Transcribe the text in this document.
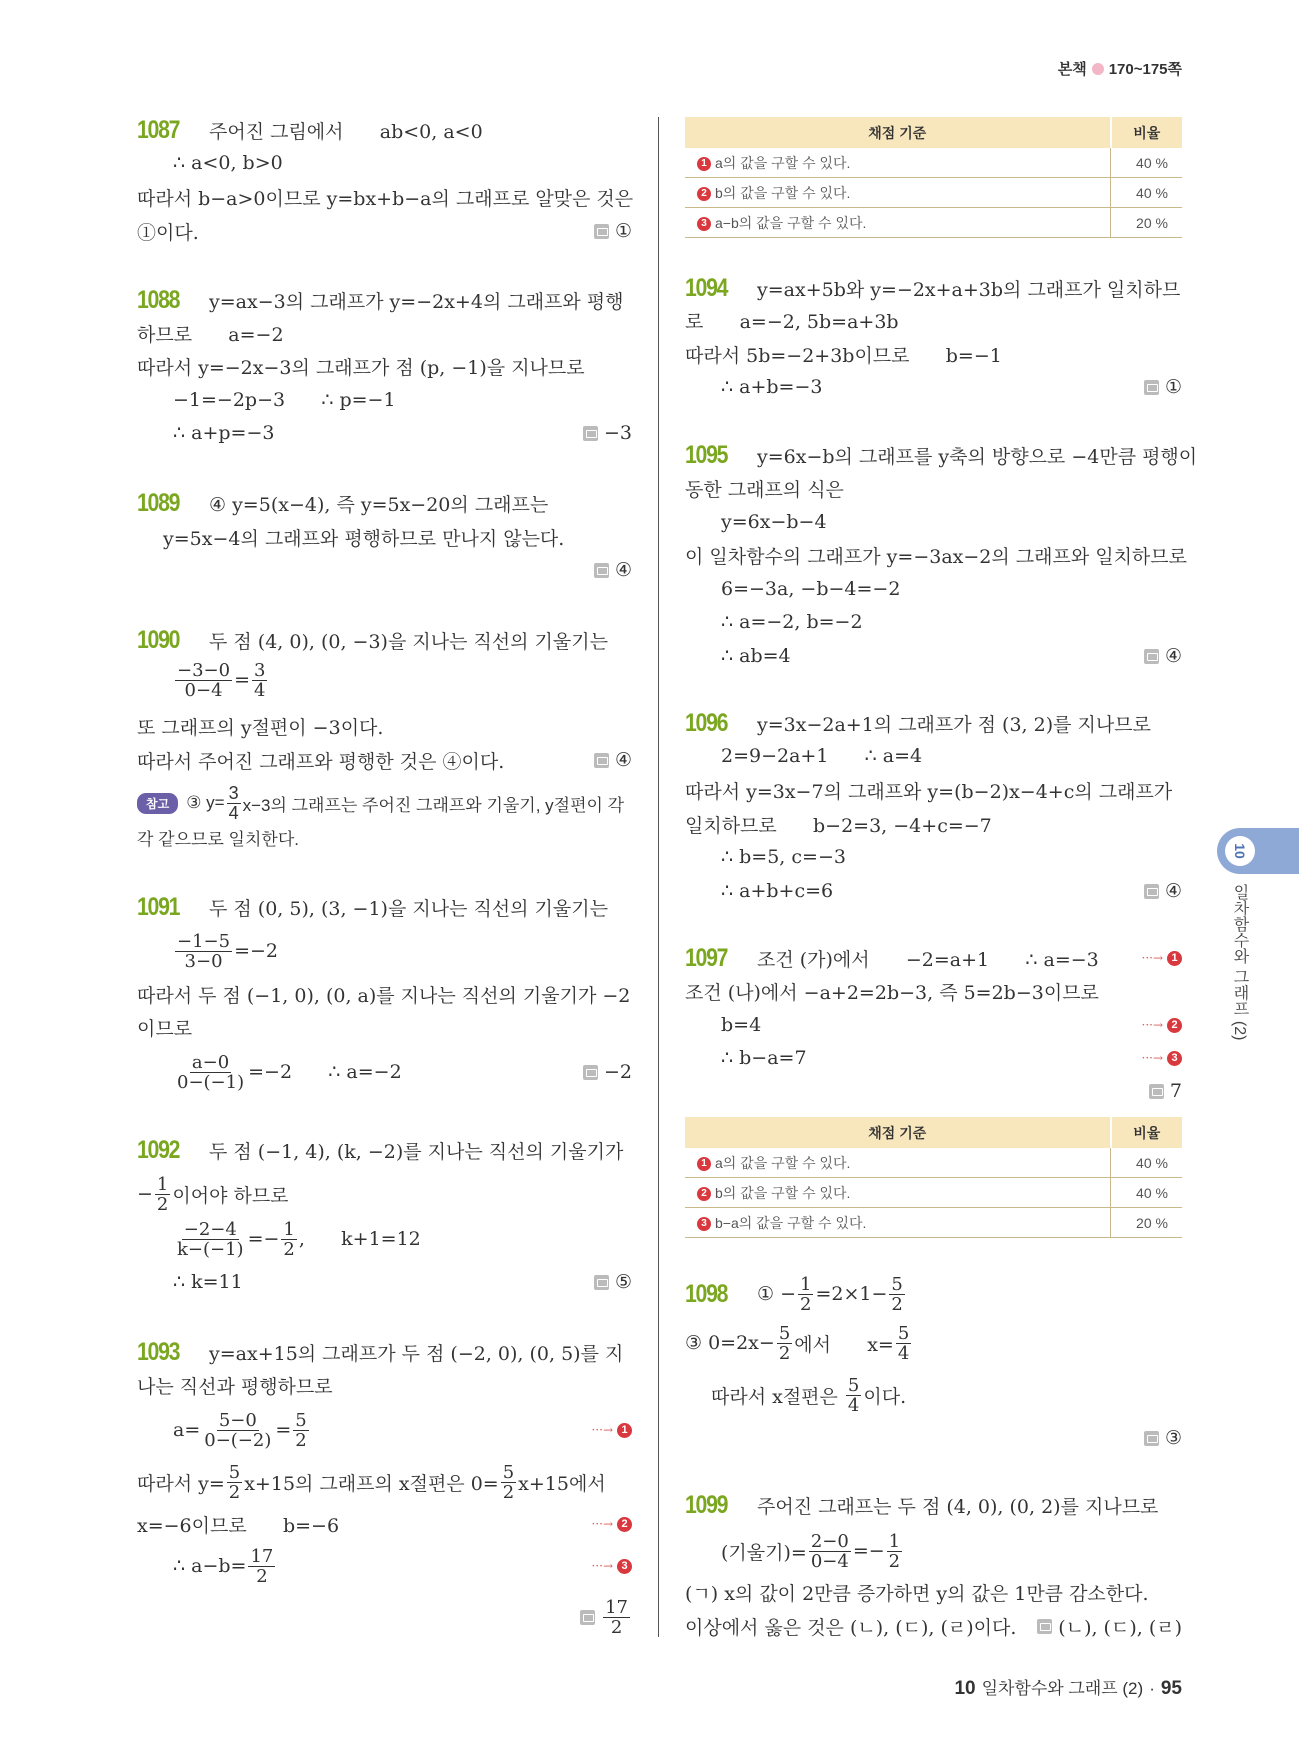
본책 170~175쪽
1087	주어진 그림에서      ab<0, a<0
∴ a<0, b>0
따라서 b−a>0이므로 y=bx+b−a의 그래프로 알맞은 것은
①이다.	①
1088	y=ax−3의 그래프가 y=−2x+4의 그래프와 평행
하므로      a=−2
따라서 y=−2x−3의 그래프가 점 (p, −1)을 지나므로
−1=−2p−3      ∴ p=−1
∴ a+p=−3	−3
1089	④ y=5(x−4), 즉 y=5x−20의 그래프는
y=5x−4의 그래프와 평행하므로 만나지 않는다.
④
1090	두 점 (4, 0), (0, −3)을 지나는 직선의 기울기는
$\frac{-3-0}{0-4} = \frac{3}{4}$
또 그래프의 y절편이 −3이다.
따라서 주어진 그래프와 평행한 것은 ④이다.	④
참고	③ $y= \frac{3}{4} x-3$의 그래프는 주어진 그래프와 기울기, y절편이 각
각 같으므로 일치한다.
1091	두 점 (0, 5), (3, −1)을 지나는 직선의 기울기는
$\frac{-1-5}{3-0} =-2$
따라서 두 점 (−1, 0), (0, a)를 지나는 직선의 기울기가 −2
이므로
$\frac{a-0}{0-(-1)} =-2$      ∴ a=−2	−2
1092	두 점 (−1, 4), (k, −2)를 지나는 직선의 기울기가
− $\frac{1}{2}$ 이어야 하므로
$\frac{-2-4}{k-(-1)} =- \frac{1}{2}$ ,      k+1=12
∴ k=11	⑤
1093	y=ax+15의 그래프가 두 점 (−2, 0), (0, 5)를 지
나는 직선과 평행하므로
$a= \frac{5-0}{0-(-2)} = \frac{5}{2}$	···→ 1
따라서 $y= \frac{5}{2} x+15$의 그래프의 x절편은 $0= \frac{5}{2} x+15$에서
x=−6이므로      b=−6	···→ 2
∴ $a-b= \frac{17}{2}$	···→ 3
$\frac{17}{2}$
1094	y=ax+5b와 y=−2x+a+3b의 그래프가 일치하므
로      a=−2, 5b=a+3b
따라서 5b=−2+3b이므로      b=−1
∴ a+b=−3	①
1095	y=6x−b의 그래프를 y축의 방향으로 −4만큼 평행이
동한 그래프의 식은
y=6x−b−4
이 일차함수의 그래프가 y=−3ax−2의 그래프와 일치하므로
6=−3a, −b−4=−2
∴ a=−2, b=−2
∴ ab=4	④
1096	y=3x−2a+1의 그래프가 점 (3, 2)를 지나므로
2=9−2a+1      ∴ a=4
따라서 y=3x−7의 그래프와 y=(b−2)x−4+c의 그래프가
일치하므로      b−2=3, −4+c=−7
∴ b=5, c=−3
∴ a+b+c=6	④
1097	조건 (가)에서      −2=a+1      ∴ a=−3	···→ 1
조건 (나)에서 −a+2=2b−3, 즉 5=2b−3이므로
b=4	···→ 2
∴ b−a=7	···→ 3
7
1098	① − $\frac{1}{2} =2\times 1- \frac{5}{2}$
③ $0=2x- \frac{5}{2}$ 에서      $x= \frac{5}{4}$
따라서 x절편은 $\frac{5}{4}$ 이다.
③
1099	주어진 그래프는 두 점 (4, 0), (0, 2)를 지나므로
(기울기)= $\frac{2-0}{0-4} =- \frac{1}{2}$
(ㄱ) x의 값이 2만큼 증가하면 y의 값은 1만큼 감소한다.
이상에서 옳은 것은 (ㄴ), (ㄷ), (ㄹ)이다. (ㄴ), (ㄷ), (ㄹ)
채점 기준	비율
1 a의 값을 구할 수 있다.	40 %
2 b의 값을 구할 수 있다.	40 %
3 a−b의 값을 구할 수 있다.	20 %
채점 기준	비율
1 a의 값을 구할 수 있다.	40 %
2 b의 값을 구할 수 있다.	40 %
3 b−a의 값을 구할 수 있다.	20 %
10
일차함수와 그래프 (2)
10 일차함수와 그래프 (2) · 95
